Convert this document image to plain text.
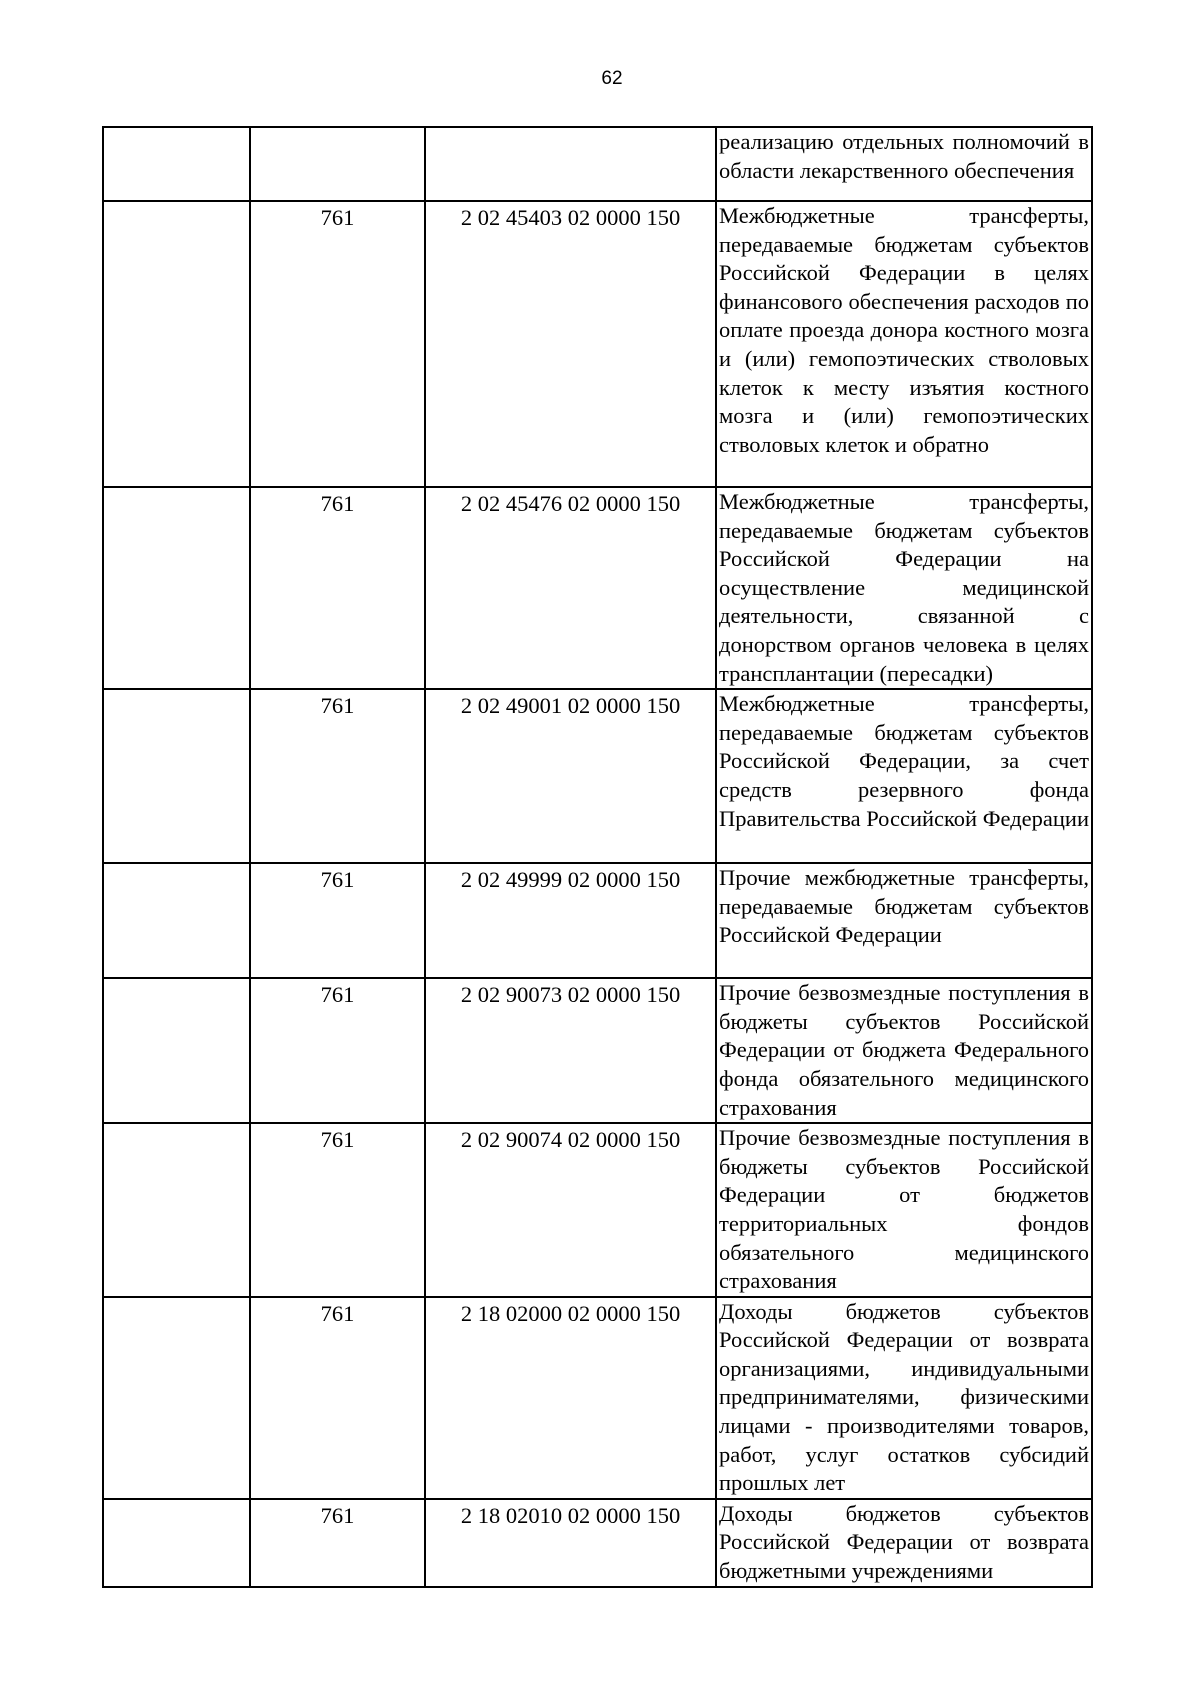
62

			реализацию отдельных полномочий в области лекарственного обеспечения

	761	2 02 45403 02 0000 150	Межбюджетные трансферты, передаваемые бюджетам субъектов Российской Федерации в целях финансового обеспечения расходов по оплате проезда донора костного мозга и (или) гемопоэтических стволовых клеток к месту изъятия костного мозга и (или) гемопоэтических стволовых клеток и обратно

	761	2 02 45476 02 0000 150	Межбюджетные трансферты, передаваемые бюджетам субъектов Российской Федерации на осуществление медицинской деятельности, связанной с донорством органов человека в целях трансплантации (пересадки)

	761	2 02 49001 02 0000 150	Межбюджетные трансферты, передаваемые бюджетам субъектов Российской Федерации, за счет средств резервного фонда Правительства Российской Федерации

	761	2 02 49999 02 0000 150	Прочие межбюджетные трансферты, передаваемые бюджетам субъектов Российской Федерации

	761	2 02 90073 02 0000 150	Прочие безвозмездные поступления в бюджеты субъектов Российской Федерации от бюджета Федерального фонда обязательного медицинского страхования

	761	2 02 90074 02 0000 150	Прочие безвозмездные поступления в бюджеты субъектов Российской Федерации от бюджетов территориальных фондов обязательного медицинского страхования

	761	2 18 02000 02 0000 150	Доходы бюджетов субъектов Российской Федерации от возврата организациями, индивидуальными предпринимателями, физическими лицами - производителями товаров, работ, услуг остатков субсидий прошлых лет

	761	2 18 02010 02 0000 150	Доходы бюджетов субъектов Российской Федерации от возврата бюджетными учреждениями
